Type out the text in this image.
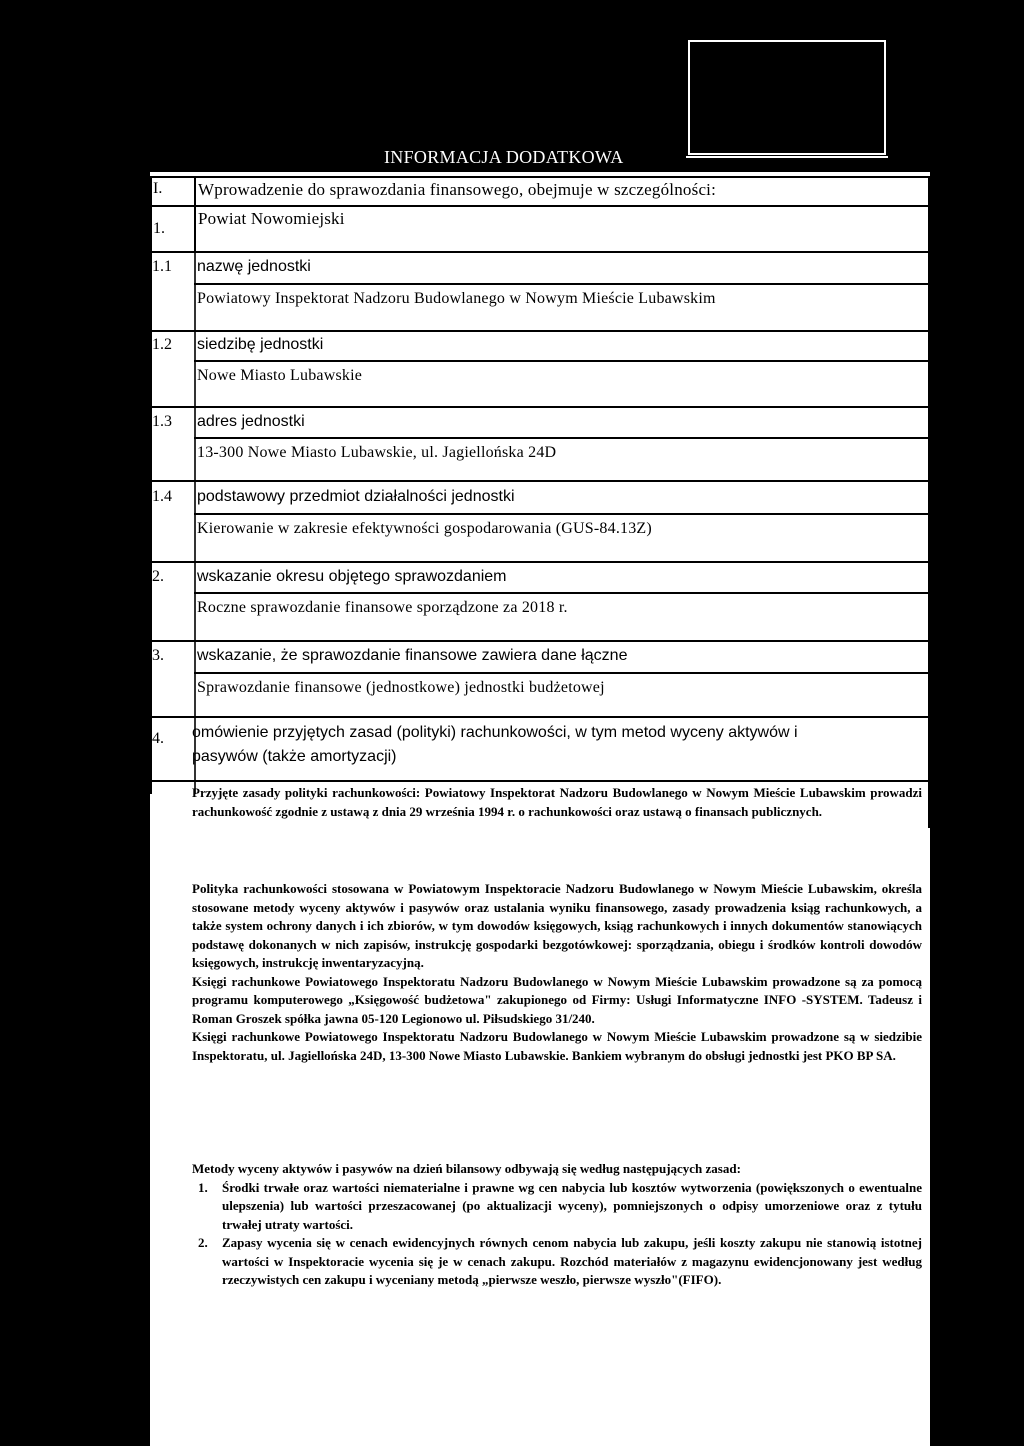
INFORMACJA DODATKOWA
I. Wprowadzenie do sprawozdania finansowego, obejmuje w szczególności:
1.
Powiat Nowomiejski
1.1 nazwę jednostki
Powiatowy Inspektorat Nadzoru Budowlanego w Nowym Mieście Lubawskim
1.2 siedzibę jednostki
Nowe Miasto Lubawskie
1.3 adres jednostki
13-300 Nowe Miasto Lubawskie, ul. Jagiellońska 24D
1.4 podstawowy przedmiot działalności jednostki
Kierowanie w zakresie efektywności gospodarowania (GUS-84.13Z)
2. wskazanie okresu objętego sprawozdaniem
Roczne sprawozdanie finansowe sporządzone za 2018 r.
3. wskazanie, że sprawozdanie finansowe zawiera dane łączne
Sprawozdanie finansowe (jednostkowe) jednostki budżetowej
4. omówienie przyjętych zasad (polityki) rachunkowości, w tym metod wyceny aktywów i
pasywów (także amortyzacji)

Przyjęte zasady polityki rachunkowości: Powiatowy Inspektorat Nadzoru Budowlanego w Nowym Mieście Lubawskim prowadzi rachunkowość zgodnie z ustawą z dnia 29 września 1994 r. o rachunkowości oraz ustawą o finansach publicznych.

Polityka rachunkowości stosowana w Powiatowym Inspektoracie Nadzoru Budowlanego w Nowym Mieście Lubawskim, określa stosowane metody wyceny aktywów i pasywów oraz ustalania wyniku finansowego, zasady prowadzenia ksiąg rachunkowych, a także system ochrony danych i ich zbiorów, w tym dowodów księgowych, ksiąg rachunkowych i innych dokumentów stanowiących podstawę dokonanych w nich zapisów, instrukcję gospodarki bezgotówkowej: sporządzania, obiegu i środków kontroli dowodów księgowych, instrukcję inwentaryzacyjną.

Księgi rachunkowe Powiatowego Inspektoratu Nadzoru Budowlanego w Nowym Mieście Lubawskim prowadzone są za pomocą programu komputerowego „Księgowość budżetowa" zakupionego od Firmy: Usługi Informatyczne INFO -SYSTEM. Tadeusz i Roman Groszek spółka jawna 05-120 Legionowo ul. Piłsudskiego 31/240.

Księgi rachunkowe Powiatowego Inspektoratu Nadzoru Budowlanego w Nowym Mieście Lubawskim prowadzone są w siedzibie Inspektoratu, ul. Jagiellońska 24D, 13-300 Nowe Miasto Lubawskie. Bankiem wybranym do obsługi jednostki jest PKO BP SA.

Metody wyceny aktywów i pasywów na dzień bilansowy odbywają się według następujących zasad:

1. Środki trwałe oraz wartości niematerialne i prawne wg cen nabycia lub kosztów wytworzenia (powiększonych o ewentualne ulepszenia) lub wartości przeszacowanej (po aktualizacji wyceny), pomniejszonych o odpisy umorzeniowe oraz z tytułu trwałej utraty wartości.
2. Zapasy wycenia się w cenach ewidencyjnych równych cenom nabycia lub zakupu, jeśli koszty zakupu nie stanowią istotnej wartości w Inspektoracie wycenia się je w cenach zakupu. Rozchód materiałów z magazynu ewidencjonowany jest według rzeczywistych cen zakupu i wyceniany metodą „pierwsze weszło, pierwsze wyszło"(FIFO).
